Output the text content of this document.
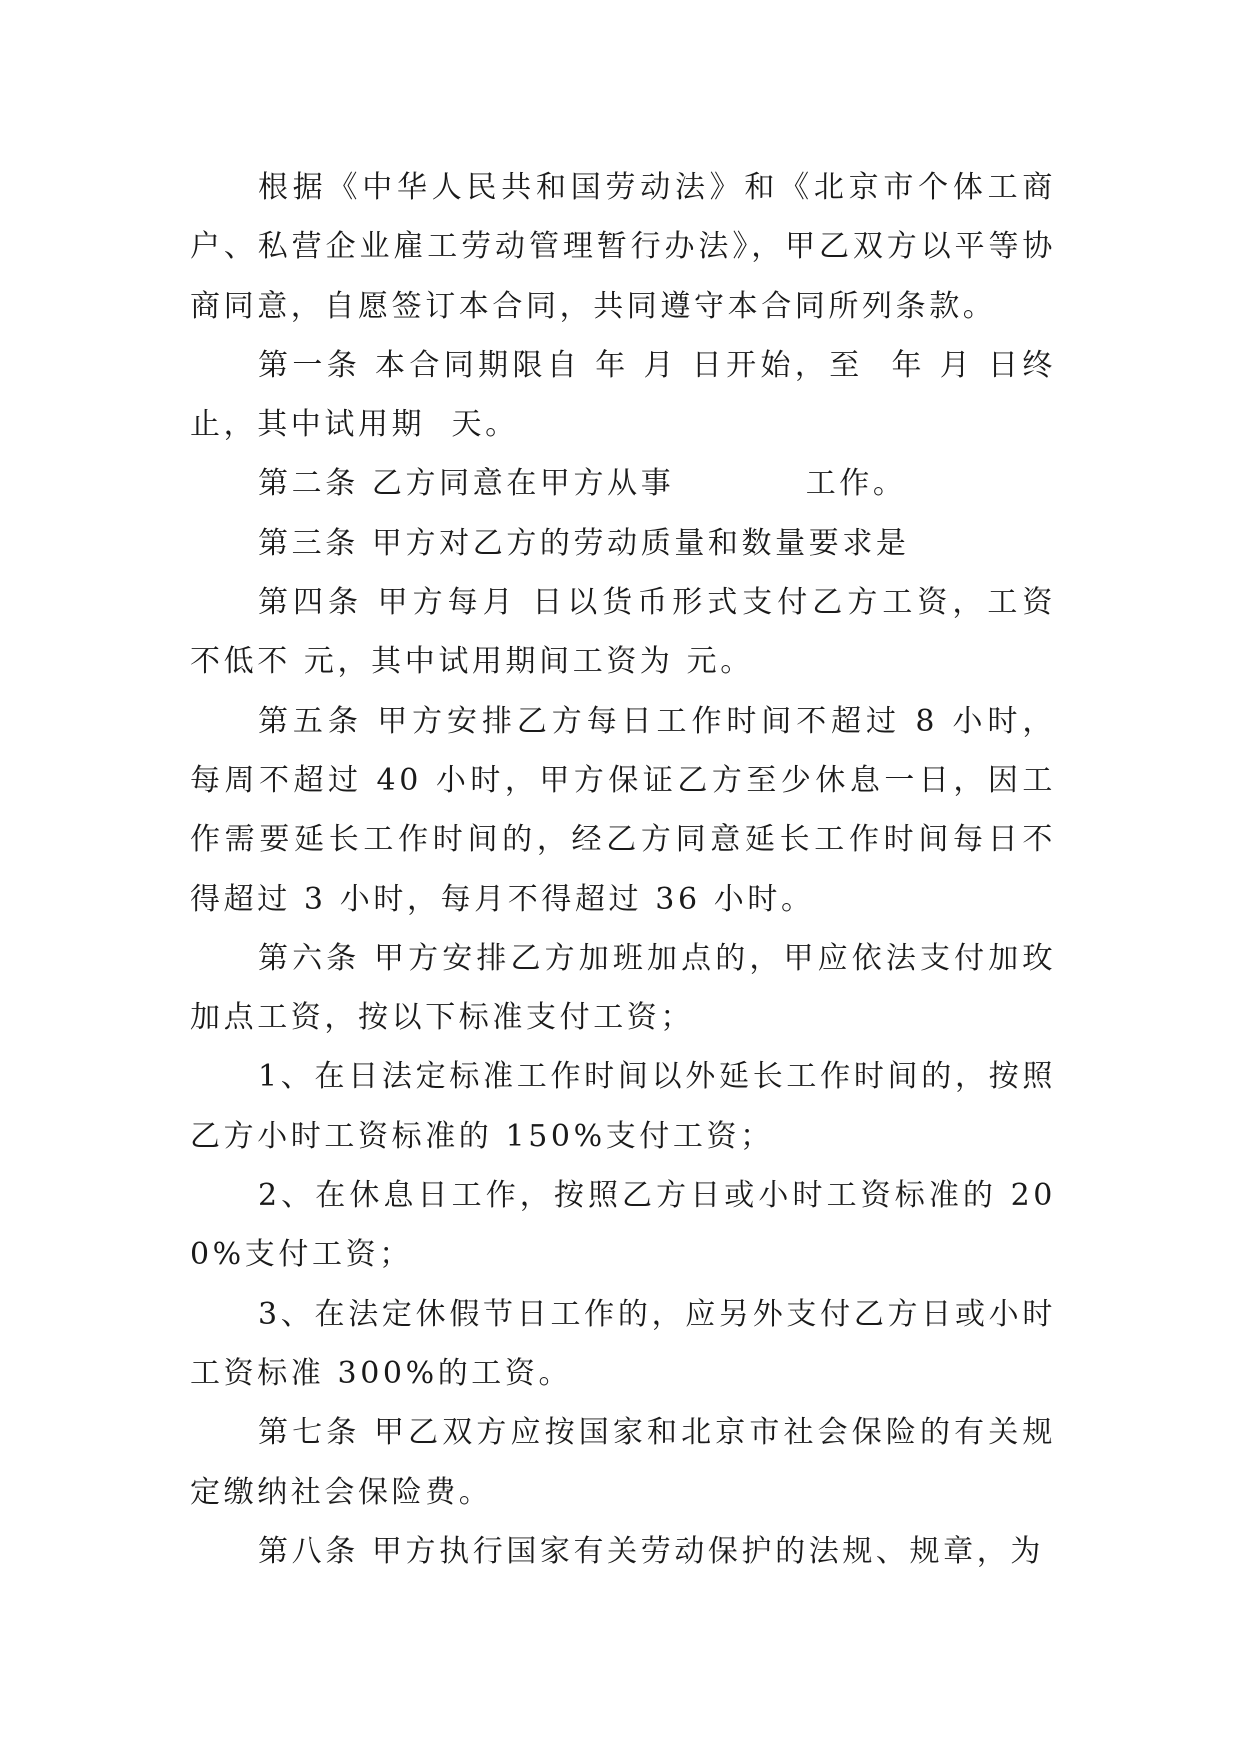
根据《中华人民共和国劳动法》和《北京市个体工商户、私营企业雇工劳动管理暂行办法》，甲乙双方以平等协商同意，自愿签订本合同，共同遵守本合同所列条款。

第一条 本合同期限自 年 月 日开始，至  年 月 日终止，其中试用期  天。

第二条 乙方同意在甲方从事          工作。

第三条 甲方对乙方的劳动质量和数量要求是

第四条 甲方每月 日以货币形式支付乙方工资，工资不低不 元，其中试用期间工资为 元。

第五条 甲方安排乙方每日工作时间不超过 8 小时，每周不超过 40 小时，甲方保证乙方至少休息一日，因工作需要延长工作时间的，经乙方同意延长工作时间每日不得超过 3 小时，每月不得超过 36 小时。

第六条 甲方安排乙方加班加点的，甲应依法支付加玫加点工资，按以下标准支付工资；

1、在日法定标准工作时间以外延长工作时间的，按照乙方小时工资标准的 150%支付工资；

2、在休息日工作，按照乙方日或小时工资标准的 200%支付工资；

3、在法定休假节日工作的，应另外支付乙方日或小时工资标准 300%的工资。

第七条 甲乙双方应按国家和北京市社会保险的有关规定缴纳社会保险费。

第八条 甲方执行国家有关劳动保护的法规、规章，为
